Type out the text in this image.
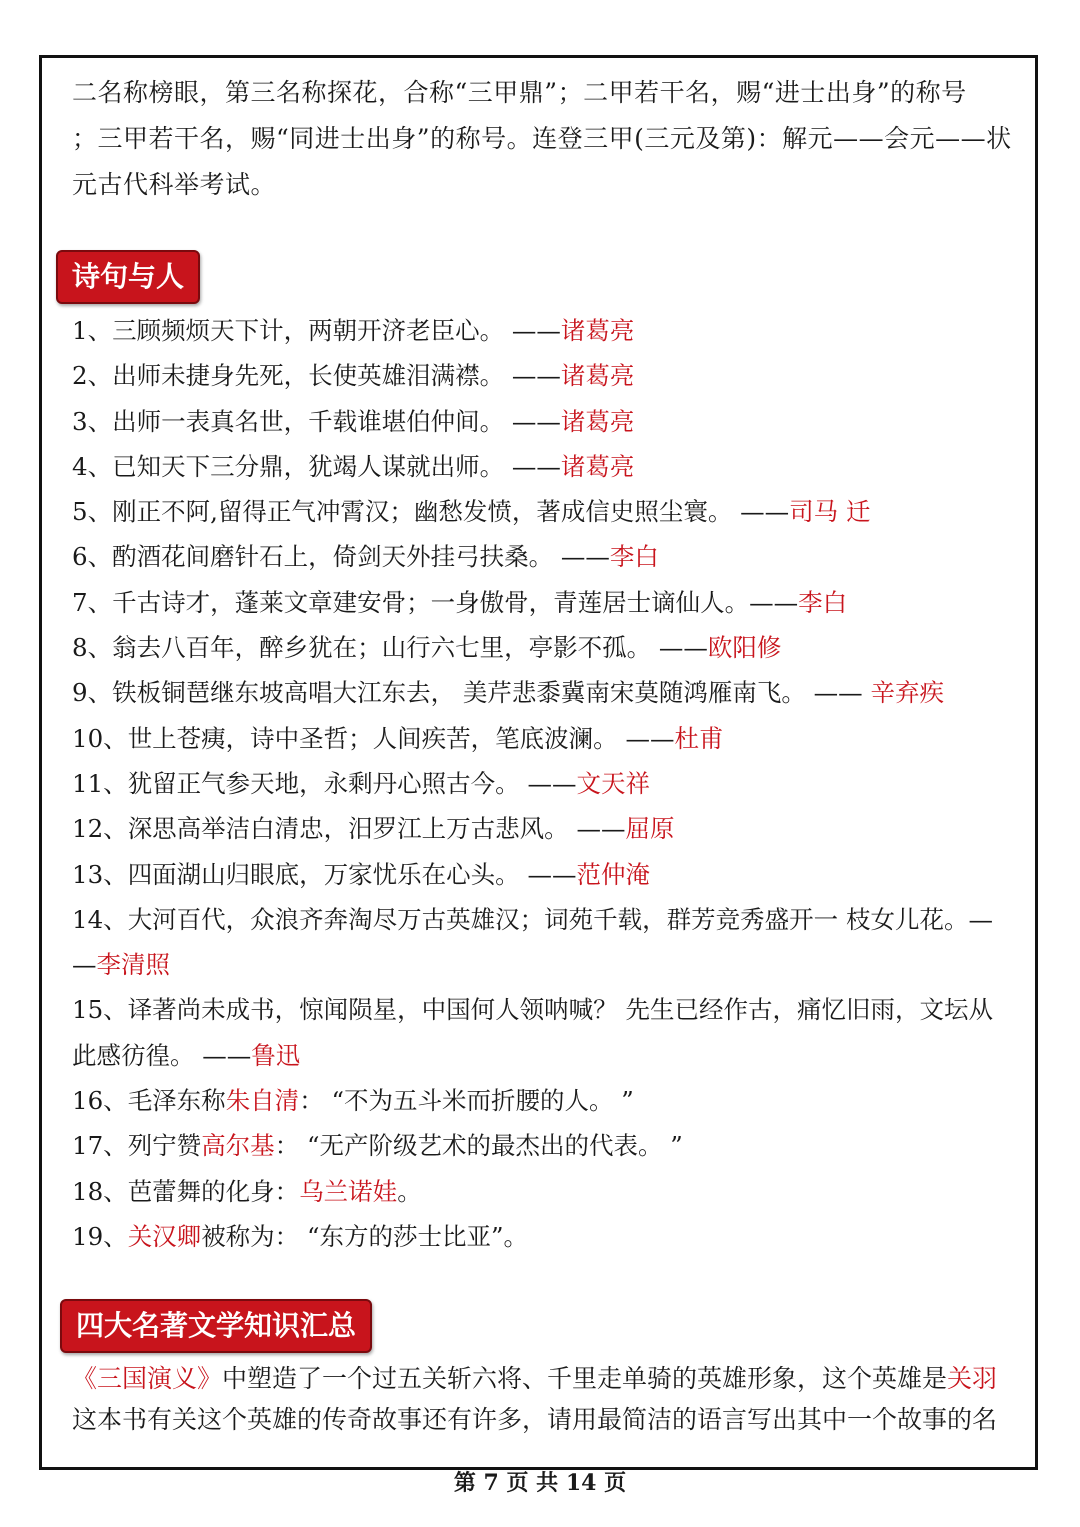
二名称榜眼，第三名称探花，合称“三甲鼎”；二甲若干名，赐“进士出身”的称号

；三甲若干名，赐“同进士出身”的称号。连登三甲(三元及第)：解元——会元——状

元古代科举考试。

诗句与人

1、三顾频烦天下计，两朝开济老臣心。 ——诸葛亮

2、出师未捷身先死，长使英雄泪满襟。 ——诸葛亮

3、出师一表真名世，千载谁堪伯仲间。 ——诸葛亮

4、已知天下三分鼎，犹竭人谋就出师。 ——诸葛亮

5、刚正不阿,留得正气冲霄汉；幽愁发愤，著成信史照尘寰。 ——司马 迁

6、酌酒花间磨针石上，倚剑天外挂弓扶桑。 ——李白

7、千古诗才，蓬莱文章建安骨；一身傲骨，青莲居士谪仙人。——李白

8、翁去八百年，醉乡犹在；山行六七里，亭影不孤。 ——欧阳修

9、铁板铜琶继东坡高唱大江东去， 美芹悲黍冀南宋莫随鸿雁南飞。 —— 辛弃疾

10、世上苍痍，诗中圣哲；人间疾苦，笔底波澜。 ——杜甫

11、犹留正气参天地，永剩丹心照古今。 ——文天祥

12、深思高举洁白清忠，汨罗江上万古悲风。 ——屈原

13、四面湖山归眼底，万家忧乐在心头。 ——范仲淹

14、大河百代，众浪齐奔淘尽万古英雄汉；词苑千载，群芳竞秀盛开一 枝女儿花。—

—李清照

15、译著尚未成书，惊闻陨星，中国何人领呐喊？ 先生已经作古，痛忆旧雨，文坛从

此感彷徨。 ——鲁迅

16、毛泽东称朱自清： “不为五斗米而折腰的人。 ”

17、列宁赞高尔基： “无产阶级艺术的最杰出的代表。 ”

18、芭蕾舞的化身：乌兰诺娃。

19、关汉卿被称为： “东方的莎士比亚”。

四大名著文学知识汇总
《三国演义》中塑造了一个过五关斩六将、千里走单骑的英雄形象，这个英雄是关羽
这本书有关这个英雄的传奇故事还有许多，请用最简洁的语言写出其中一个故事的名
第 7 页 共 14 页
